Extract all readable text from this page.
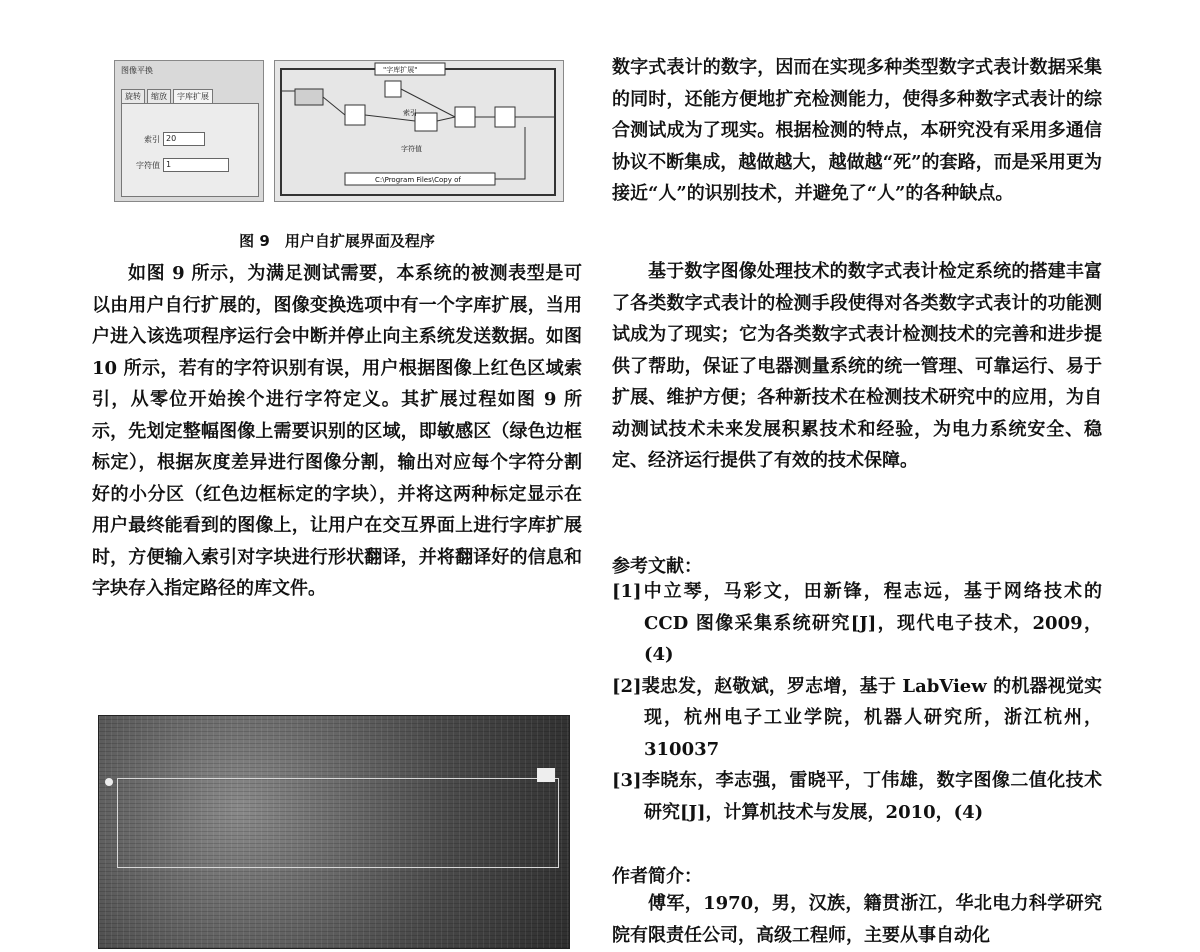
图像平换
旋转	缩放	字库扩展
索引 20
字符值 1
"字库扩展"
索引
字符值
C:\Program Files\Copy of
图 9　用户自扩展界面及程序

如图 9 所示，为满足测试需要，本系统的被测表型是可以由用户自行扩展的，图像变换选项中有一个字库扩展，当用户进入该选项程序运行会中断并停止向主系统发送数据。如图 10 所示，若有的字符识别有误，用户根据图像上红色区域索引，从零位开始挨个进行字符定义。其扩展过程如图 9 所示，先划定整幅图像上需要识别的区域，即敏感区（绿色边框标定），根据灰度差异进行图像分割，输出对应每个字符分割好的小分区（红色边框标定的字块），并将这两种标定显示在用户最终能看到的图像上，让用户在交互界面上进行字库扩展时，方便输入索引对字块进行形状翻译，并将翻译好的信息和字块存入指定路径的库文件。

数字式表计的数字，因而在实现多种类型数字式表计数据采集的同时，还能方便地扩充检测能力，使得多种数字式表计的综合测试成为了现实。根据检测的特点，本研究没有采用多通信协议不断集成，越做越大，越做越“死”的套路，而是采用更为接近“人”的识别技术，并避免了“人”的各种缺点。

基于数字图像处理技术的数字式表计检定系统的搭建丰富了各类数字式表计的检测手段使得对各类数字式表计的功能测试成为了现实；它为各类数字式表计检测技术的完善和进步提供了帮助，保证了电器测量系统的统一管理、可靠运行、易于扩展、维护方便；各种新技术在检测技术研究中的应用，为自动测试技术未来发展积累技术和经验，为电力系统安全、稳定、经济运行提供了有效的技术保障。

参考文献：

[1]中立琴，马彩文，田新锋，程志远，基于网络技术的 CCD 图像采集系统研究[J]，现代电子技术，2009，(4)
[2]裴忠发，赵敬斌，罗志增，基于 LabView 的机器视觉实现，杭州电子工业学院，机器人研究所，浙江杭州，310037
[3]李晓东，李志强，雷晓平，丁伟雄，数字图像二值化技术研究[J]，计算机技术与发展，2010，(4)

作者简介：

傅军，1970，男，汉族，籍贯浙江，华北电力科学研究院有限责任公司，高级工程师，主要从事自动化
